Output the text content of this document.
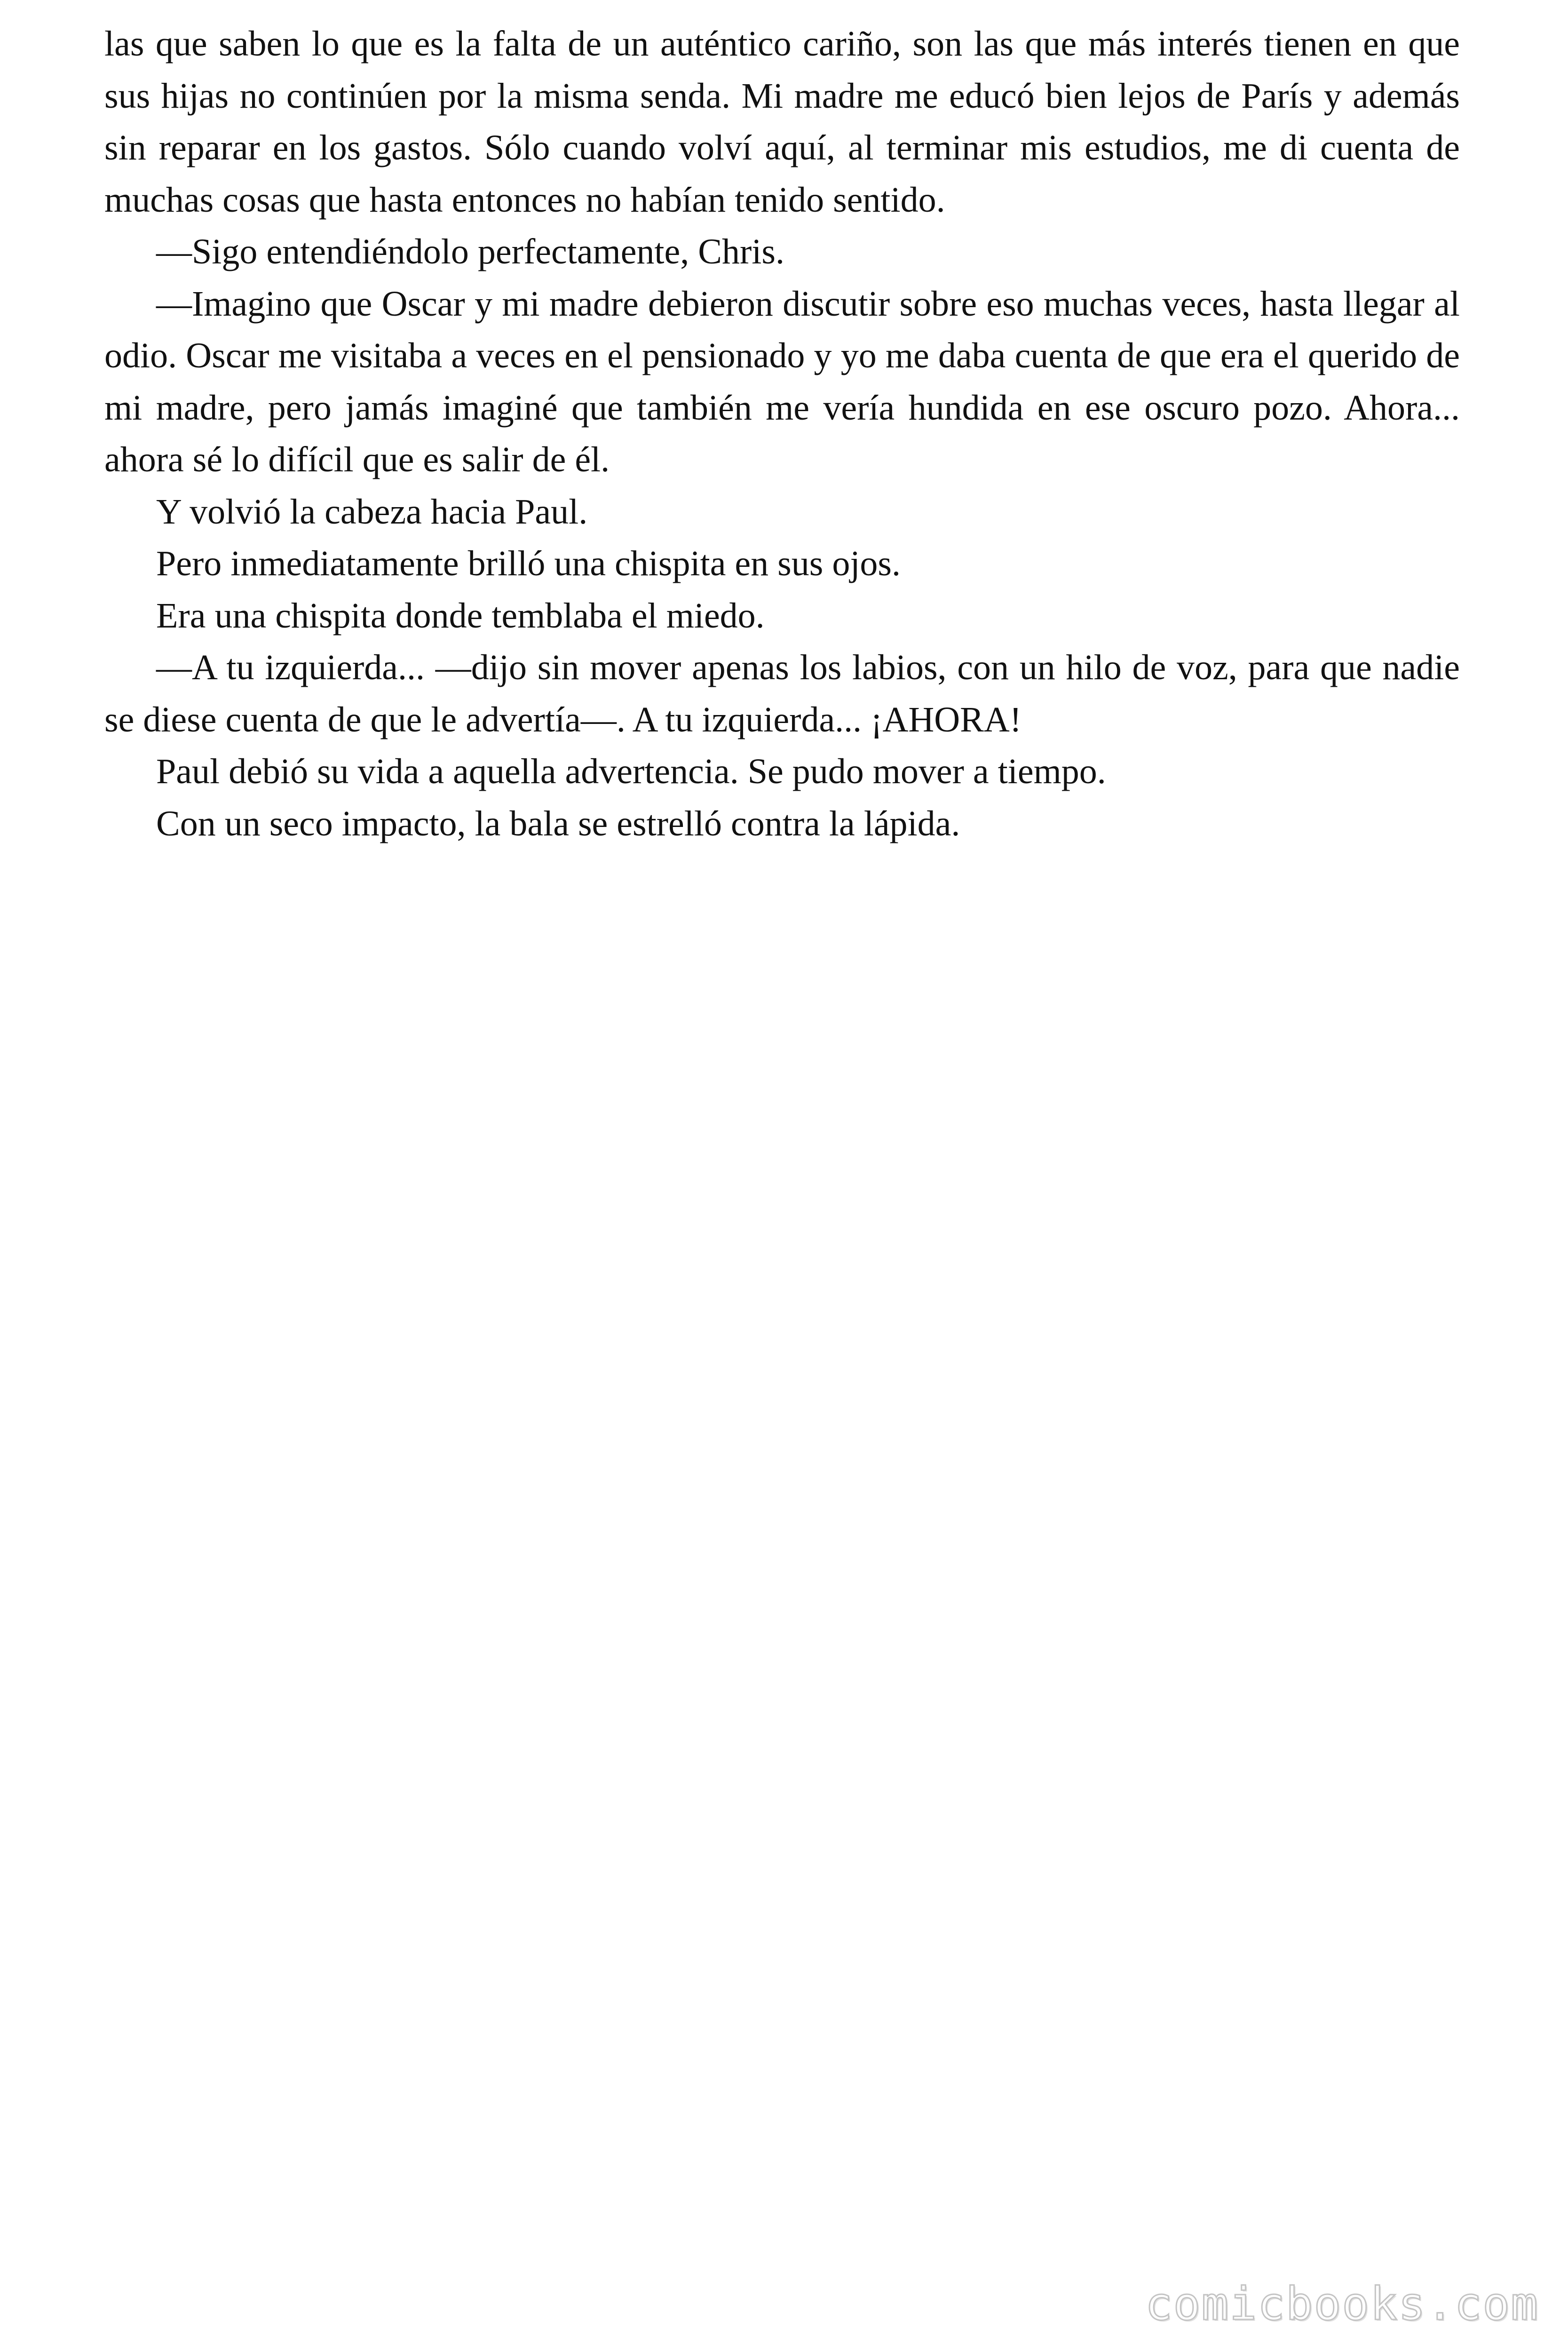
las que saben lo que es la falta de un auténtico cariño, son las que más interés tienen en que sus hijas no continúen por la misma senda. Mi madre me educó bien lejos de París y además sin reparar en los gastos. Sólo cuando volví aquí, al terminar mis estudios, me di cuenta de muchas cosas que hasta entonces no habían tenido sentido.

—Sigo entendiéndolo perfectamente, Chris.

—Imagino que Oscar y mi madre debieron discutir sobre eso muchas veces, hasta llegar al odio. Oscar me visitaba a veces en el pensionado y yo me daba cuenta de que era el querido de mi madre, pero jamás imaginé que también me vería hundida en ese oscuro pozo. Ahora... ahora sé lo difícil que es salir de él.

Y volvió la cabeza hacia Paul.

Pero inmediatamente brilló una chispita en sus ojos.

Era una chispita donde temblaba el miedo.

—A tu izquierda... —dijo sin mover apenas los labios, con un hilo de voz, para que nadie se diese cuenta de que le advertía—. A tu izquierda... ¡AHORA!

Paul debió su vida a aquella advertencia. Se pudo mover a tiempo.

Con un seco impacto, la bala se estrelló contra la lápida.

comicbooks.com
